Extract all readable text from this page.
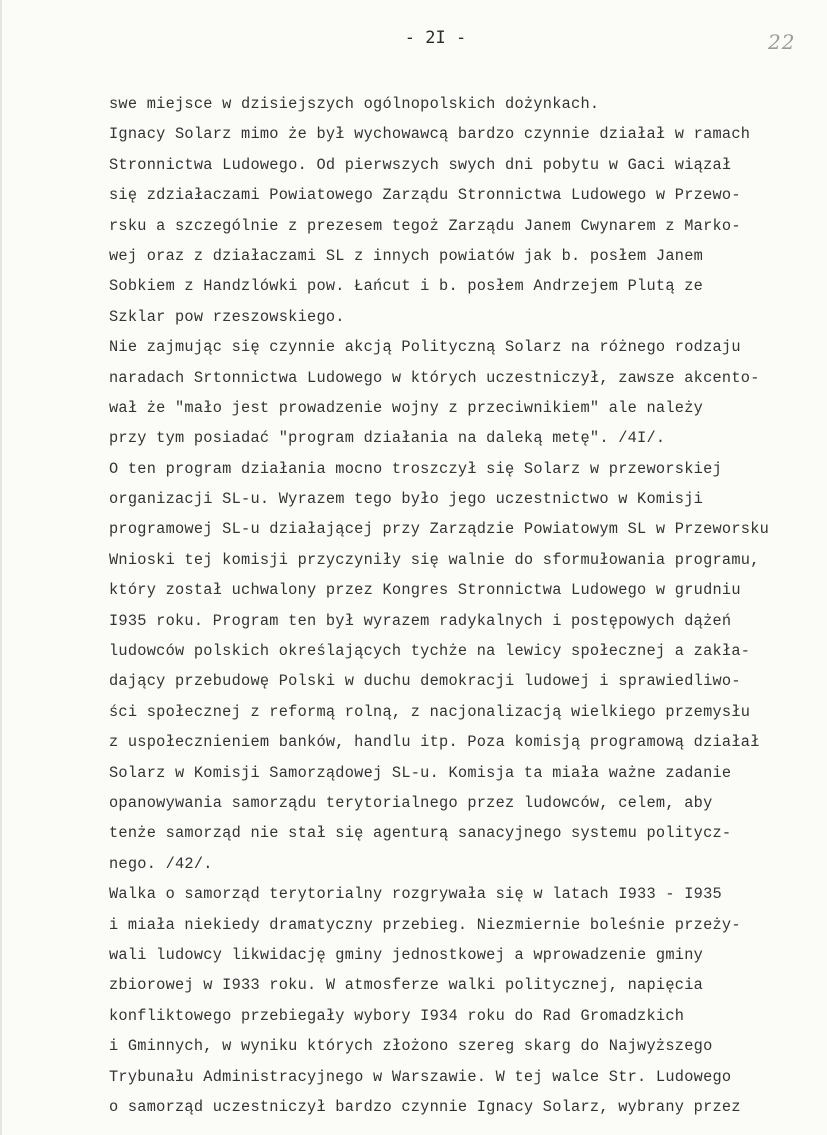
- 2I -	22
swe miejsce w dzisiejszych ogólnopolskich dożynkach.
Ignacy Solarz mimo że był wychowawcą bardzo czynnie działał w ramach
Stronnictwa Ludowego. Od pierwszych swych dni pobytu w Gaci wiązał
się zdziałaczami Powiatowego Zarządu Stronnictwa Ludowego w Przewo-
rsku a szczególnie z prezesem tegoż Zarządu Janem Cwynarem z Marko-
wej oraz z działaczami SL z innych powiatów jak b. posłem Janem
Sobkiem z Handzlówki pow. Łańcut i b. posłem Andrzejem Plutą ze
Szklar pow rzeszowskiego.
Nie zajmując się czynnie akcją Polityczną Solarz na różnego rodzaju
naradach Srtonnictwa Ludowego w których uczestniczył, zawsze akcento-
wał że "mało jest prowadzenie wojny z przeciwnikiem" ale należy
przy tym posiadać "program działania na daleką metę". /4I/.
O ten program działania mocno troszczył się Solarz w przeworskiej
organizacji SL-u. Wyrazem tego było jego uczestnictwo w Komisji
programowej SL-u działającej przy Zarządzie Powiatowym SL w Przeworsku
Wnioski tej komisji przyczyniły się walnie do sformułowania programu,
który został uchwalony przez Kongres Stronnictwa Ludowego w grudniu
I935 roku. Program ten był wyrazem radykalnych i postępowych dążeń
ludowców polskich określających tychże na lewicy społecznej a zakła-
dający przebudowę Polski w duchu demokracji ludowej i sprawiedliwo-
ści społecznej z reformą rolną, z nacjonalizacją wielkiego przemysłu
z uspołecznieniem banków, handlu itp. Poza komisją programową działał
Solarz w Komisji Samorządowej SL-u. Komisja ta miała ważne zadanie
opanowywania samorządu terytorialnego przez ludowców, celem, aby
tenże samorząd nie stał się agenturą sanacyjnego systemu politycz-
nego. /42/.
Walka o samorząd terytorialny rozgrywała się w latach I933 - I935
i miała niekiedy dramatyczny przebieg. Niezmiernie boleśnie przeży-
wali ludowcy likwidację gminy jednostkowej a wprowadzenie gminy
zbiorowej w I933 roku. W atmosferze walki politycznej, napięcia
konfliktowego przebiegały wybory I934 roku do Rad Gromadzkich
i Gminnych, w wyniku których złożono szereg skarg do Najwyższego
Trybunału Administracyjnego w Warszawie. W tej walce Str. Ludowego
o samorząd uczestniczył bardzo czynnie Ignacy Solarz, wybrany przez
